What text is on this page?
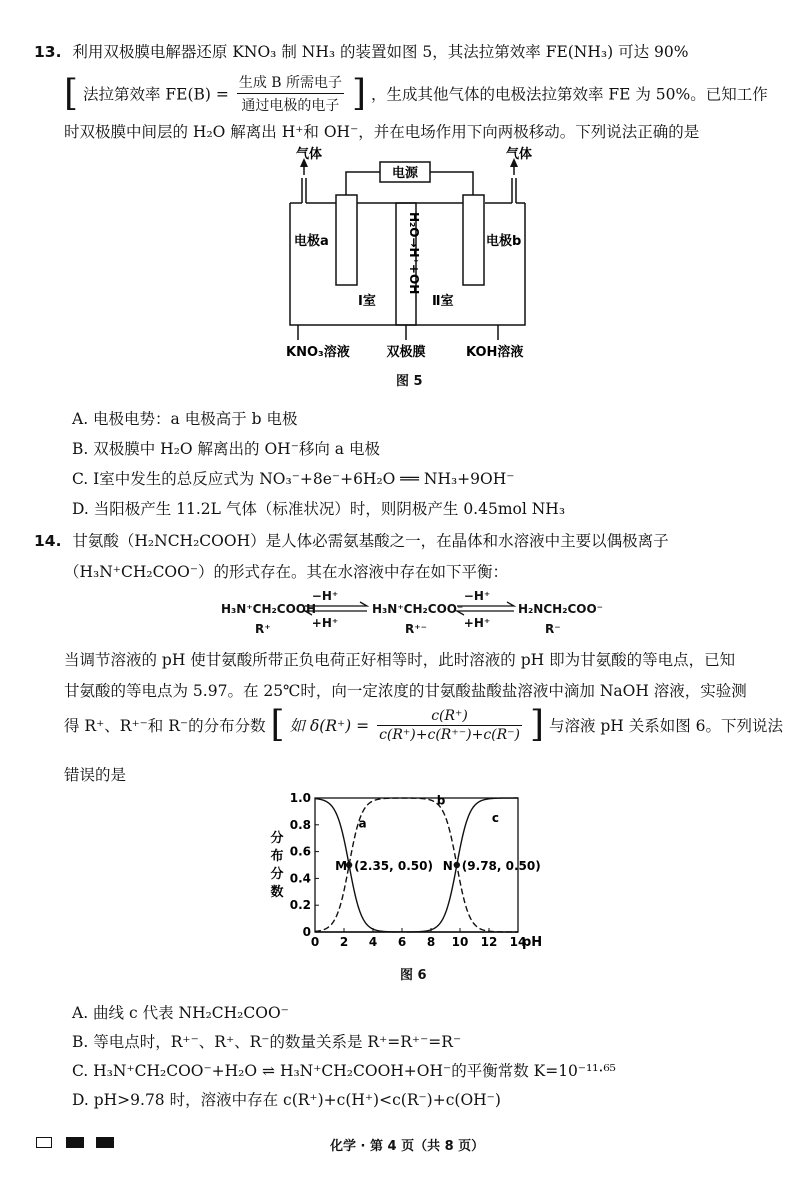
13. 利用双极膜电解器还原 KNO₃ 制 NH₃ 的装置如图 5，其法拉第效率 FE(NH₃) 可达 90%
[ 法拉第效率 $FE(B) = \frac{\text{生成 B 所需电子}}{\text{通过电极的电子}}$ ] ，生成其他气体的电极法拉第效率 FE 为 50%。已知工作
时双极膜中间层的 H₂O 解离出 H⁺和 OH⁻，并在电场作用下向两极移动。下列说法正确的是
电源
气体	气体
电极a	电极b
H₂O→H⁺+OH⁻
Ⅰ室	Ⅱ室
KNO₃溶液	双极膜	KOH溶液
图 5
A. 电极电势：a 电极高于 b 电极
B. 双极膜中 H₂O 解离出的 OH⁻移向 a 电极
C. Ⅰ室中发生的总反应式为 NO₃⁻+8e⁻+6H₂O ══ NH₃+9OH⁻
D. 当阳极产生 11.2L 气体（标准状况）时，则阴极产生 0.45mol NH₃
14. 甘氨酸（H₂NCH₂COOH）是人体必需氨基酸之一，在晶体和水溶液中主要以偶极离子
（H₃N⁺CH₂COO⁻）的形式存在。其在水溶液中存在如下平衡：
H₃N⁺CH₂COOH
R⁺
H₃N⁺CH₂COO⁻
R⁺⁻
H₂NCH₂COO⁻
R⁻
−H⁺
+H⁺
−H⁺
+H⁺
当调节溶液的 pH 使甘氨酸所带正负电荷正好相等时，此时溶液的 pH 即为甘氨酸的等电点，已知
甘氨酸的等电点为 5.97。在 25℃时，向一定浓度的甘氨酸盐酸盐溶液中滴加 NaOH 溶液，实验测
得 R⁺、R⁺⁻和 R⁻的分布分数 [ 如 $\delta(R^+) = \frac{c(R^+)}{c(R^+)+c(R^{+-})+c(R^-)}$ ] 与溶液 pH 关系如图 6。下列说法
错误的是
0 2 4 6 8 10 12 14
0
0.2
0.4
0.6
0.8
1.0
a
b
c
M (2.35, 0.50) N (9.78, 0.50)
分
布
分
数
pH
图 6
A. 曲线 c 代表 NH₂CH₂COO⁻
B. 等电点时，R⁺⁻、R⁺、R⁻的数量关系是 R⁺=R⁺⁻=R⁻
C. H₃N⁺CH₂COO⁻+H₂O ⇌ H₃N⁺CH₂COOH+OH⁻的平衡常数 K=10⁻¹¹·⁶⁵
D. pH>9.78 时，溶液中存在 c(R⁺)+c(H⁺)<c(R⁻)+c(OH⁻)
化学 · 第 4 页（共 8 页）
